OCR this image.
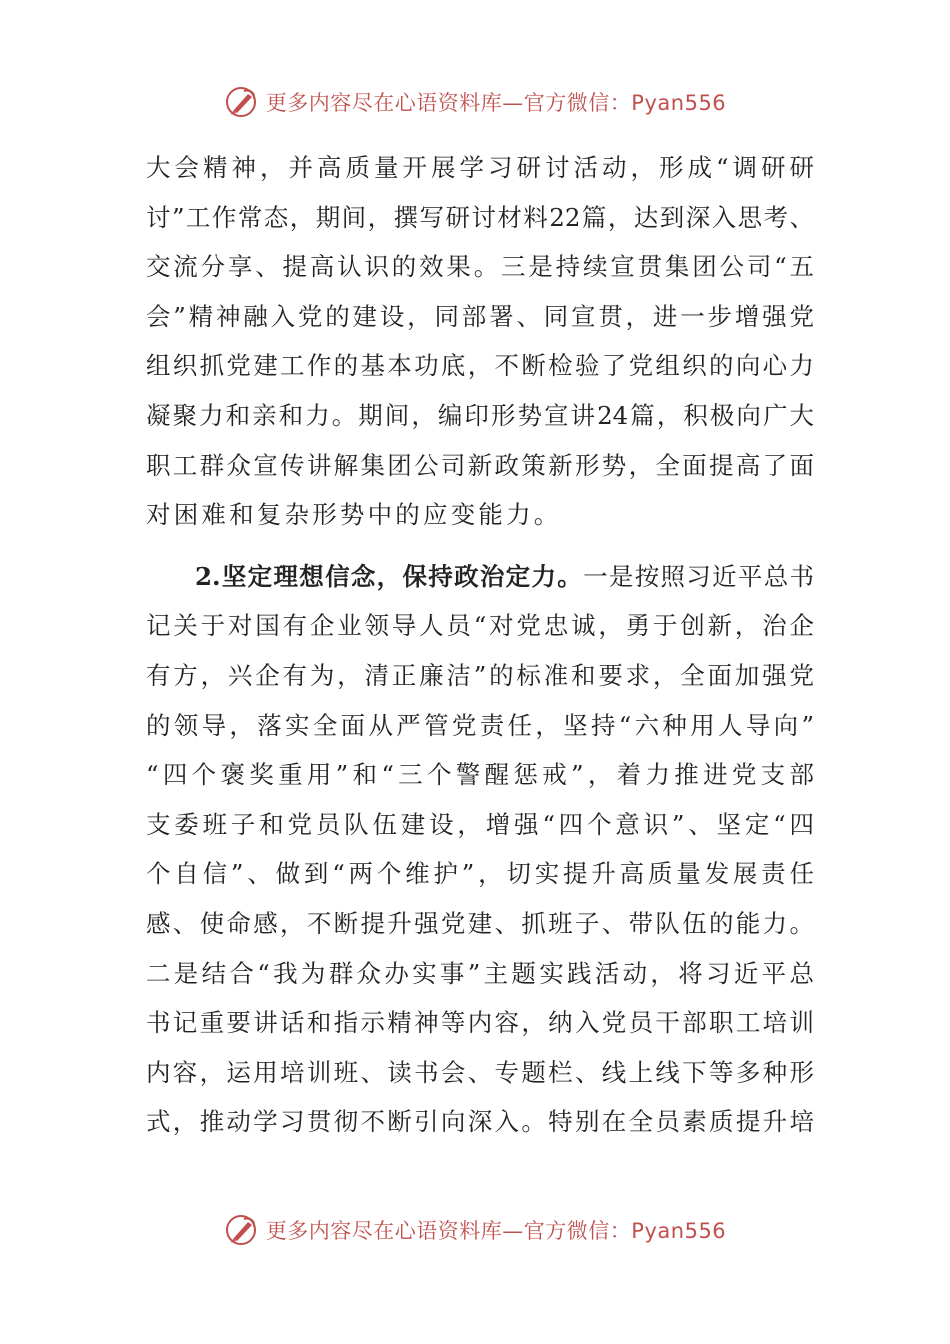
更多内容尽在心语资料库—官方微信：Pyan556
大会精神，并高质量开展学习研讨活动，形成“调研研
讨”工作常态，期间，撰写研讨材料22篇，达到深入思考、
交流分享、提高认识的效果。三是持续宣贯集团公司“五
会”精神融入党的建设，同部署、同宣贯，进一步增强党
组织抓党建工作的基本功底，不断检验了党组织的向心力
凝聚力和亲和力。期间，编印形势宣讲24篇，积极向广大
职工群众宣传讲解集团公司新政策新形势，全面提高了面
对困难和复杂形势中的应变能力。
2.坚定理想信念，保持政治定力。一是按照习近平总书
记关于对国有企业领导人员“对党忠诚，勇于创新，治企
有方，兴企有为，清正廉洁”的标准和要求，全面加强党
的领导，落实全面从严管党责任，坚持“六种用人导向”
“四个褒奖重用”和“三个警醒惩戒”，着力推进党支部
支委班子和党员队伍建设，增强“四个意识”、坚定“四
个自信”、做到“两个维护”，切实提升高质量发展责任
感、使命感，不断提升强党建、抓班子、带队伍的能力。
二是结合“我为群众办实事”主题实践活动，将习近平总
书记重要讲话和指示精神等内容，纳入党员干部职工培训
内容，运用培训班、读书会、专题栏、线上线下等多种形
式，推动学习贯彻不断引向深入。特别在全员素质提升培
更多内容尽在心语资料库—官方微信：Pyan556
